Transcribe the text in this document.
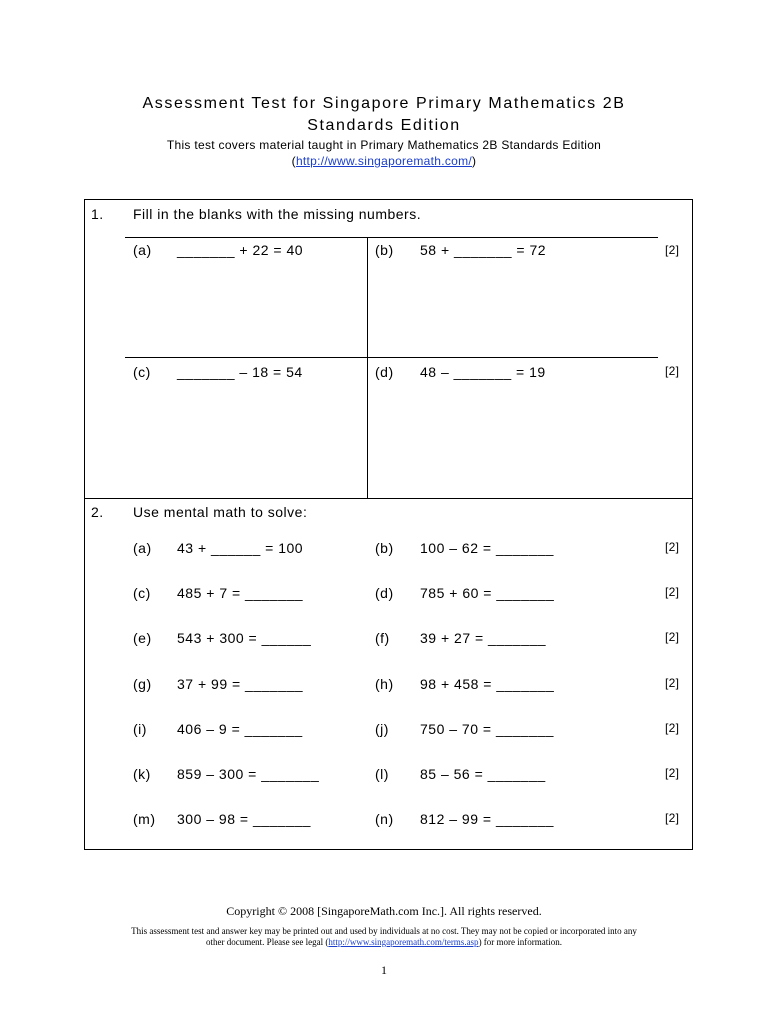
Assessment Test for Singapore Primary Mathematics 2B
Standards Edition
This test covers material taught in Primary Mathematics 2B Standards Edition
(http://www.singaporemath.com/)
1. Fill in the blanks with the missing numbers.
(a) _______ + 22 = 40	(b) 58 + _______ = 72	[2]
(c) _______ – 18 = 54	(d) 48 – _______ = 19	[2]
2. Use mental math to solve:
(a) 43 + ______ = 100	(b) 100 – 62 = _______	[2]
(c) 485 + 7 = _______	(d) 785 + 60 = _______	[2]
(e) 543 + 300 = ______	(f) 39 + 27 = _______	[2]
(g) 37 + 99 = _______	(h) 98 + 458 = _______	[2]
(i) 406 – 9 = _______	(j) 750 – 70 = _______	[2]
(k) 859 – 300 = _______	(l) 85 – 56 = _______	[2]
(m) 300 – 98 = _______	(n) 812 – 99 = _______	[2]
Copyright © 2008 [SingaporeMath.com Inc.]. All rights reserved.
This assessment test and answer key may be printed out and used by individuals at no cost. They may not be copied or incorporated into any
other document. Please see legal (http://www.singaporemath.com/terms.asp) for more information.
1
